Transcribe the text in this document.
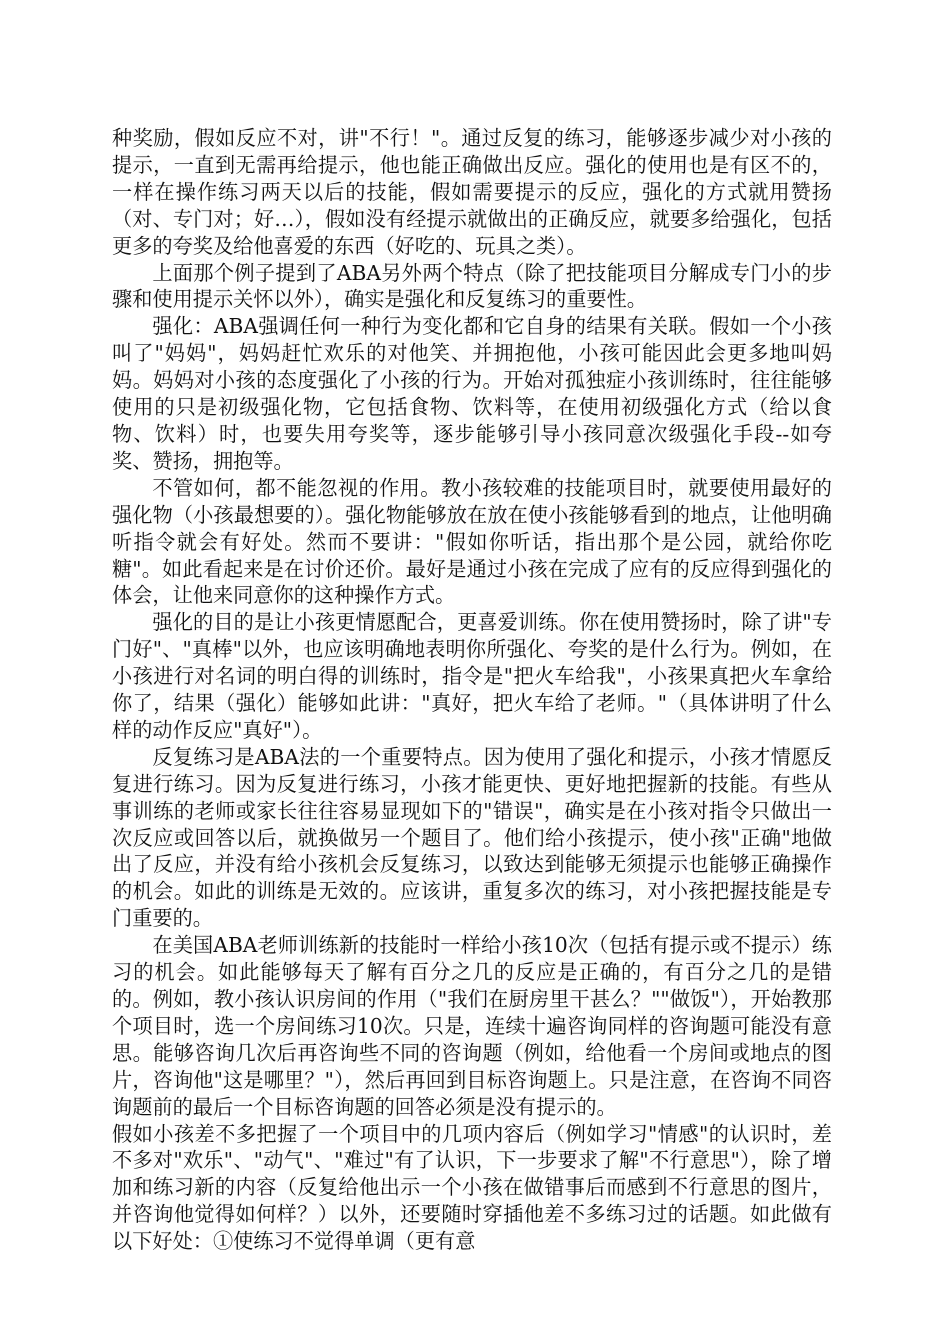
种奖励，假如反应不对，讲"不行！"。通过反复的练习，能够逐步减少对小孩的提示，一直到无需再给提示，他也能正确做出反应。强化的使用也是有区不的，一样在操作练习两天以后的技能，假如需要提示的反应，强化的方式就用赞扬（对、专门对；好…），假如没有经提示就做出的正确反应，就要多给强化，包括更多的夸奖及给他喜爱的东西（好吃的、玩具之类）。

上面那个例子提到了ABA另外两个特点（除了把技能项目分解成专门小的步骤和使用提示关怀以外），确实是强化和反复练习的重要性。

强化：ABA强调任何一种行为变化都和它自身的结果有关联。假如一个小孩叫了"妈妈"，妈妈赶忙欢乐的对他笑、并拥抱他，小孩可能因此会更多地叫妈妈。妈妈对小孩的态度强化了小孩的行为。开始对孤独症小孩训练时，往往能够使用的只是初级强化物，它包括食物、饮料等，在使用初级强化方式（给以食物、饮料）时，也要失用夸奖等，逐步能够引导小孩同意次级强化手段--如夸奖、赞扬，拥抱等。

不管如何，都不能忽视的作用。教小孩较难的技能项目时，就要使用最好的强化物（小孩最想要的）。强化物能够放在放在使小孩能够看到的地点，让他明确听指令就会有好处。然而不要讲："假如你听话，指出那个是公园，就给你吃糖"。如此看起来是在讨价还价。最好是通过小孩在完成了应有的反应得到强化的体会，让他来同意你的这种操作方式。

强化的目的是让小孩更情愿配合，更喜爱训练。你在使用赞扬时，除了讲"专门好"、"真棒"以外，也应该明确地表明你所强化、夸奖的是什么行为。例如，在小孩进行对名词的明白得的训练时，指令是"把火车给我"，小孩果真把火车拿给你了，结果（强化）能够如此讲："真好，把火车给了老师。"（具体讲明了什么样的动作反应"真好"）。

反复练习是ABA法的一个重要特点。因为使用了强化和提示，小孩才情愿反复进行练习。因为反复进行练习，小孩才能更快、更好地把握新的技能。有些从事训练的老师或家长往往容易显现如下的"错误"，确实是在小孩对指令只做出一次反应或回答以后，就换做另一个题目了。他们给小孩提示，使小孩"正确"地做出了反应，并没有给小孩机会反复练习，以致达到能够无须提示也能够正确操作的机会。如此的训练是无效的。应该讲，重复多次的练习，对小孩把握技能是专门重要的。

在美国ABA老师训练新的技能时一样给小孩10次（包括有提示或不提示）练习的机会。如此能够每天了解有百分之几的反应是正确的，有百分之几的是错的。例如，教小孩认识房间的作用（"我们在厨房里干甚么？""做饭"），开始教那个项目时，选一个房间练习10次。只是，连续十遍咨询同样的咨询题可能没有意思。能够咨询几次后再咨询些不同的咨询题（例如，给他看一个房间或地点的图片，咨询他"这是哪里？"），然后再回到目标咨询题上。只是注意，在咨询不同咨询题前的最后一个目标咨询题的回答必须是没有提示的。

假如小孩差不多把握了一个项目中的几项内容后（例如学习"情感"的认识时，差不多对"欢乐"、"动气"、"难过"有了认识，下一步要求了解"不行意思"），除了增加和练习新的内容（反复给他出示一个小孩在做错事后而感到不行意思的图片，并咨询他觉得如何样？）以外，还要随时穿插他差不多练习过的话题。如此做有以下好处：①使练习不觉得单调（更有意
